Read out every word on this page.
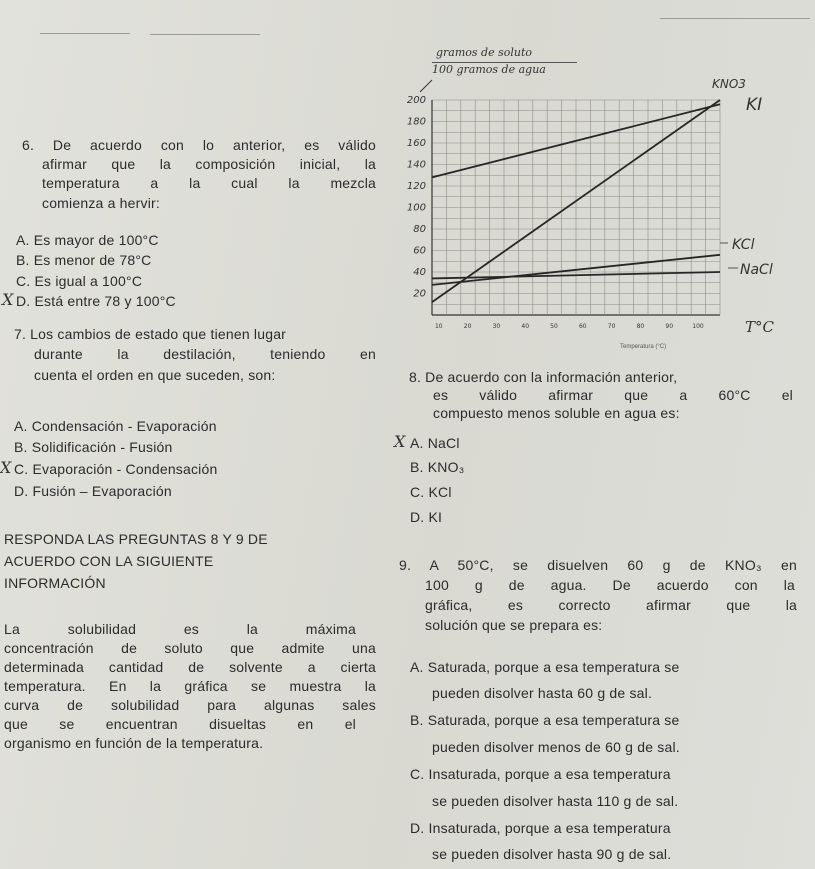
6. De acuerdo con lo anterior, es válido
afirmar que la composición inicial, la
temperatura a la cual la mezcla
comienza a hervir:
A. Es mayor de 100°C
B. Es menor de 78°C
C. Es igual a 100°C
X D. Está entre 78 y 100°C
7. Los cambios de estado que tienen lugar
durante la destilación, teniendo en
cuenta el orden en que suceden, son:
A. Condensación - Evaporación
B. Solidificación - Fusión
X C. Evaporación - Condensación
D. Fusión – Evaporación
RESPONDA LAS PREGUNTAS 8 Y 9 DE
ACUERDO CON LA SIGUIENTE
INFORMACIÓN
La solubilidad es la máxima
concentración de soluto que admite una
determinada cantidad de solvente a cierta
temperatura. En la gráfica se muestra la
curva de solubilidad para algunas sales
que se encuentran disueltas en el
organismo en función de la temperatura.
8. De acuerdo con la información anterior,
es válido afirmar que a 60°C el
compuesto menos soluble en agua es:
X A. NaCl
B. KNO₃
C. KCl
D. KI
9. A 50°C, se disuelven 60 g de KNO₃ en
100 g de agua. De acuerdo con la
gráfica, es correcto afirmar que la
solución que se prepara es:
A. Saturada, porque a esa temperatura se
pueden disolver hasta 60 g de sal.
B. Saturada, porque a esa temperatura se
pueden disolver menos de 60 g de sal.
C. Insaturada, porque a esa temperatura
se pueden disolver hasta 110 g de sal.
D. Insaturada, porque a esa temperatura
se pueden disolver hasta 90 g de sal.
gramos de soluto
100 gramos de agua
T°C
Temperatura (°C)
200
180
160
140
120
100
80
60
40
20
10	20	30	40	50	60	70	80	90	100
KNO3
KI
KCl
NaCl
